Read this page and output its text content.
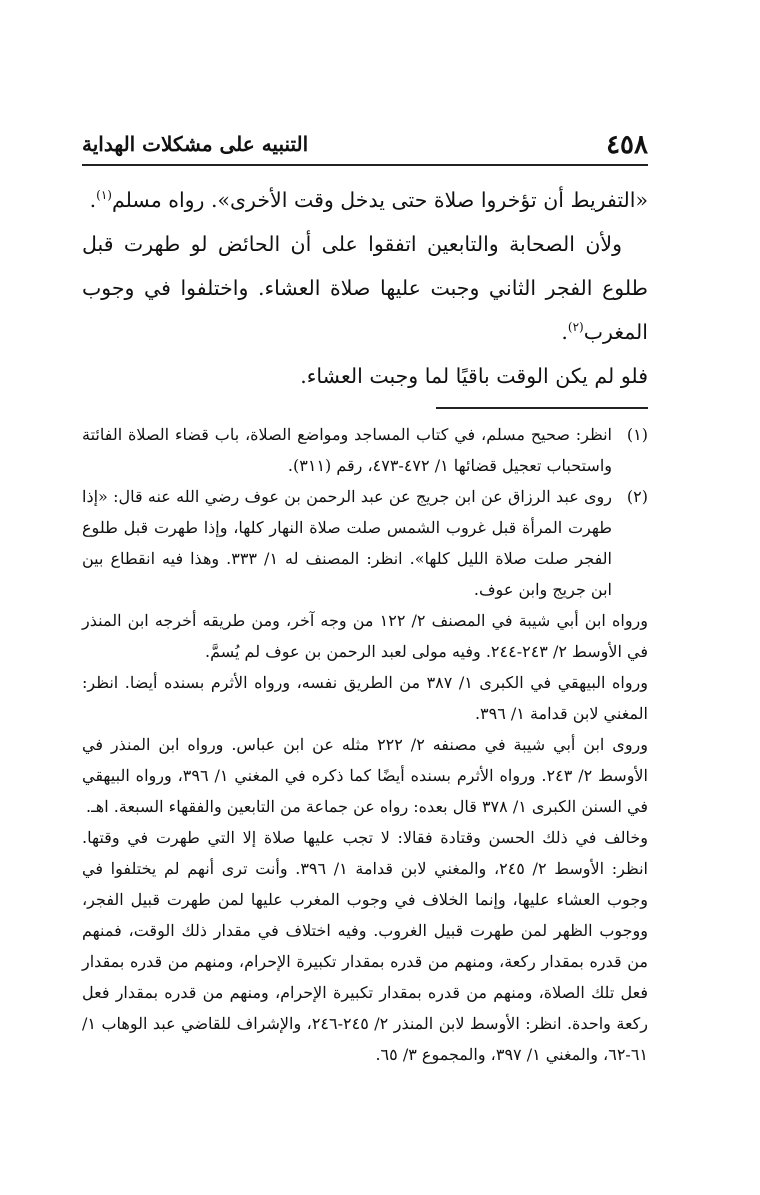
٤٥٨
التنبيه على مشكلات الهداية

«التفريط أن تؤخروا صلاة حتى يدخل وقت الأخرى». رواه مسلم$^{(١)}$.

ولأن الصحابة والتابعين اتفقوا على أن الحائض لو طهرت قبل طلوع الفجر الثاني وجبت عليها صلاة العشاء. واختلفوا في وجوب المغرب$^{(٢)}$.

فلو لم يكن الوقت باقيًا لما وجبت العشاء.

(١)
انظر: صحيح مسلم، في كتاب المساجد ومواضع الصلاة، باب قضاء الصلاة الفائتة واستحباب تعجيل قضائها ١/ ٤٧٢-٤٧٣، رقم (٣١١).

(٢)
روى عبد الرزاق عن ابن جريج عن عبد الرحمن بن عوف رضي الله عنه قال: «إذا طهرت المرأة قبل غروب الشمس صلت صلاة النهار كلها، وإذا طهرت قبل طلوع الفجر صلت صلاة الليل كلها». انظر: المصنف له ١/ ٣٣٣. وهذا فيه انقطاع بين ابن جريج وابن عوف.

ورواه ابن أبي شيبة في المصنف ٢/ ١٢٢ من وجه آخر، ومن طريقه أخرجه ابن المنذر في الأوسط ٢/ ٢٤٣-٢٤٤. وفيه مولى لعبد الرحمن بن عوف لم يُسمَّ.

ورواه البيهقي في الكبرى ١/ ٣٨٧ من الطريق نفسه، ورواه الأثرم بسنده أيضا. انظر: المغني لابن قدامة ١/ ٣٩٦.

وروى ابن أبي شيبة في مصنفه ٢/ ٢٢٢ مثله عن ابن عباس. ورواه ابن المنذر في الأوسط ٢/ ٢٤٣. ورواه الأثرم بسنده أيضًا كما ذكره في المغني ١/ ٣٩٦، ورواه البيهقي في السنن الكبرى ١/ ٣٧٨ قال بعده: رواه عن جماعة من التابعين والفقهاء السبعة. اهـ.

وخالف في ذلك الحسن وقتادة فقالا: لا تجب عليها صلاة إلا التي طهرت في وقتها. انظر: الأوسط ٢/ ٢٤٥، والمغني لابن قدامة ١/ ٣٩٦. وأنت ترى أنهم لم يختلفوا في وجوب العشاء عليها، وإنما الخلاف في وجوب المغرب عليها لمن طهرت قبيل الفجر، ووجوب الظهر لمن طهرت قبيل الغروب. وفيه اختلاف في مقدار ذلك الوقت، فمنهم من قدره بمقدار ركعة، ومنهم من قدره بمقدار تكبيرة الإحرام، ومنهم من قدره بمقدار فعل تلك الصلاة، ومنهم من قدره بمقدار تكبيرة الإحرام، ومنهم من قدره بمقدار فعل ركعة واحدة. انظر: الأوسط لابن المنذر ٢/ ٢٤٥-٢٤٦، والإشراف للقاضي عبد الوهاب ١/ ٦١-٦٢، والمغني ١/ ٣٩٧، والمجموع ٣/ ٦٥.
